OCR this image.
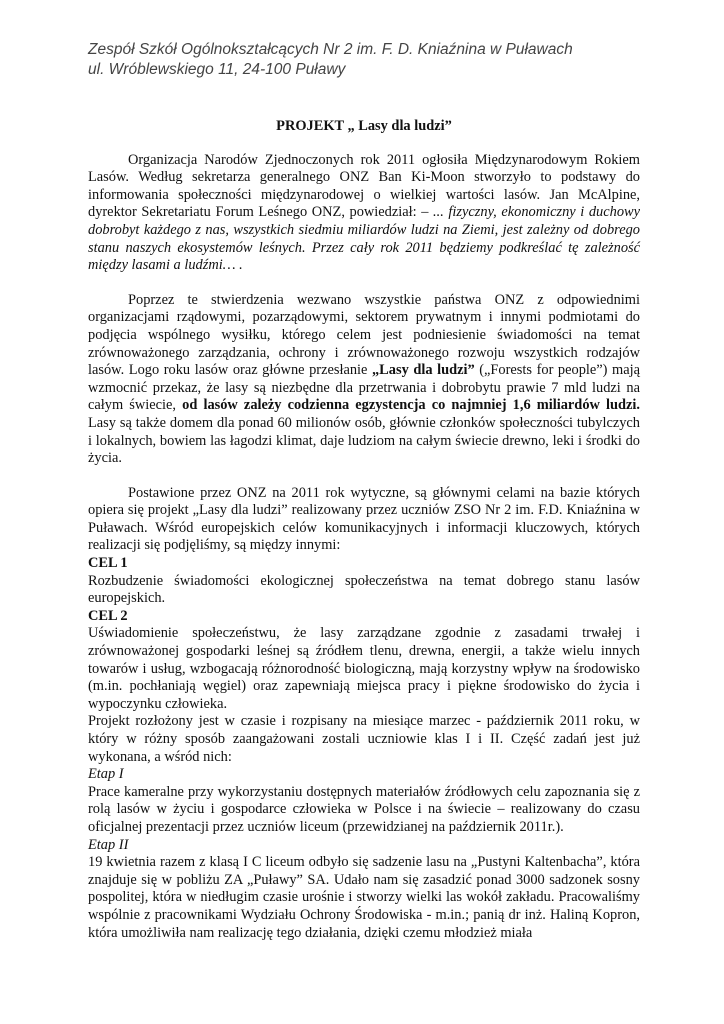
Zespół Szkół Ogólnokształcących Nr 2 im. F. D. Kniaźnina w Puławach
ul. Wróblewskiego 11, 24-100 Puławy

PROJEKT „ Lasy dla ludzi”

Organizacja Narodów Zjednoczonych rok 2011 ogłosiła Międzynarodowym Rokiem Lasów. Według sekretarza generalnego ONZ Ban Ki-Moon stworzyło to podstawy do informowania społeczności międzynarodowej o wielkiej wartości lasów. Jan McAlpine, dyrektor Sekretariatu Forum Leśnego ONZ, powiedział: – ... fizyczny, ekonomiczny i duchowy dobrobyt każdego z nas, wszystkich siedmiu miliardów ludzi na Ziemi, jest zależny od dobrego stanu naszych ekosystemów leśnych. Przez cały rok 2011 będziemy podkreślać tę zależność między lasami a ludźmi… .

Poprzez te stwierdzenia wezwano wszystkie państwa ONZ z odpowiednimi organizacjami rządowymi, pozarządowymi, sektorem prywatnym i innymi podmiotami do podjęcia wspólnego wysiłku, którego celem jest podniesienie świadomości na temat zrównoważonego zarządzania, ochrony i zrównoważonego rozwoju wszystkich rodzajów lasów. Logo roku lasów oraz główne przesłanie „Lasy dla ludzi” („Forests for people”) mają wzmocnić przekaz, że lasy są niezbędne dla przetrwania i dobrobytu prawie 7 mld ludzi na całym świecie, od lasów zależy codzienna egzystencja co najmniej 1,6 miliardów ludzi. Lasy są także domem dla ponad 60 milionów osób, głównie członków społeczności tubylczych i lokalnych, bowiem las łagodzi klimat, daje ludziom na całym świecie drewno, leki i środki do życia.

Postawione przez ONZ na 2011 rok wytyczne, są głównymi celami na bazie których opiera się projekt „Lasy dla ludzi” realizowany przez uczniów ZSO Nr 2 im. F.D. Kniaźnina w Puławach. Wśród europejskich celów komunikacyjnych i informacji kluczowych, których realizacji się podjęliśmy, są między innymi:

CEL 1

Rozbudzenie świadomości ekologicznej społeczeństwa na temat dobrego stanu lasów europejskich.

CEL 2

Uświadomienie społeczeństwu, że lasy zarządzane zgodnie z zasadami trwałej i zrównoważonej gospodarki leśnej są źródłem tlenu, drewna, energii, a także wielu innych towarów i usług, wzbogacają różnorodność biologiczną, mają korzystny wpływ na środowisko (m.in. pochłaniają węgiel) oraz zapewniają miejsca pracy i piękne środowisko do życia i wypoczynku człowieka.

Projekt rozłożony jest w czasie i rozpisany na miesiące marzec - październik 2011 roku, w który w różny sposób zaangażowani zostali uczniowie klas I i II. Część zadań jest już wykonana, a wśród nich:

Etap I

Prace kameralne przy wykorzystaniu dostępnych materiałów źródłowych celu zapoznania się z rolą lasów w życiu i gospodarce człowieka w Polsce i na świecie – realizowany do czasu oficjalnej prezentacji przez uczniów liceum (przewidzianej na październik 2011r.).

Etap II

19 kwietnia razem z klasą I C liceum odbyło się sadzenie lasu na „Pustyni Kaltenbacha”, która znajduje się w pobliżu ZA „Puławy” SA. Udało nam się zasadzić ponad 3000 sadzonek sosny pospolitej, która w niedługim czasie urośnie i stworzy wielki las wokół zakładu. Pracowaliśmy wspólnie z pracownikami Wydziału Ochrony Środowiska - m.in.; panią dr inż. Haliną Kopron, która umożliwiła nam realizację tego działania, dzięki czemu młodzież miała
